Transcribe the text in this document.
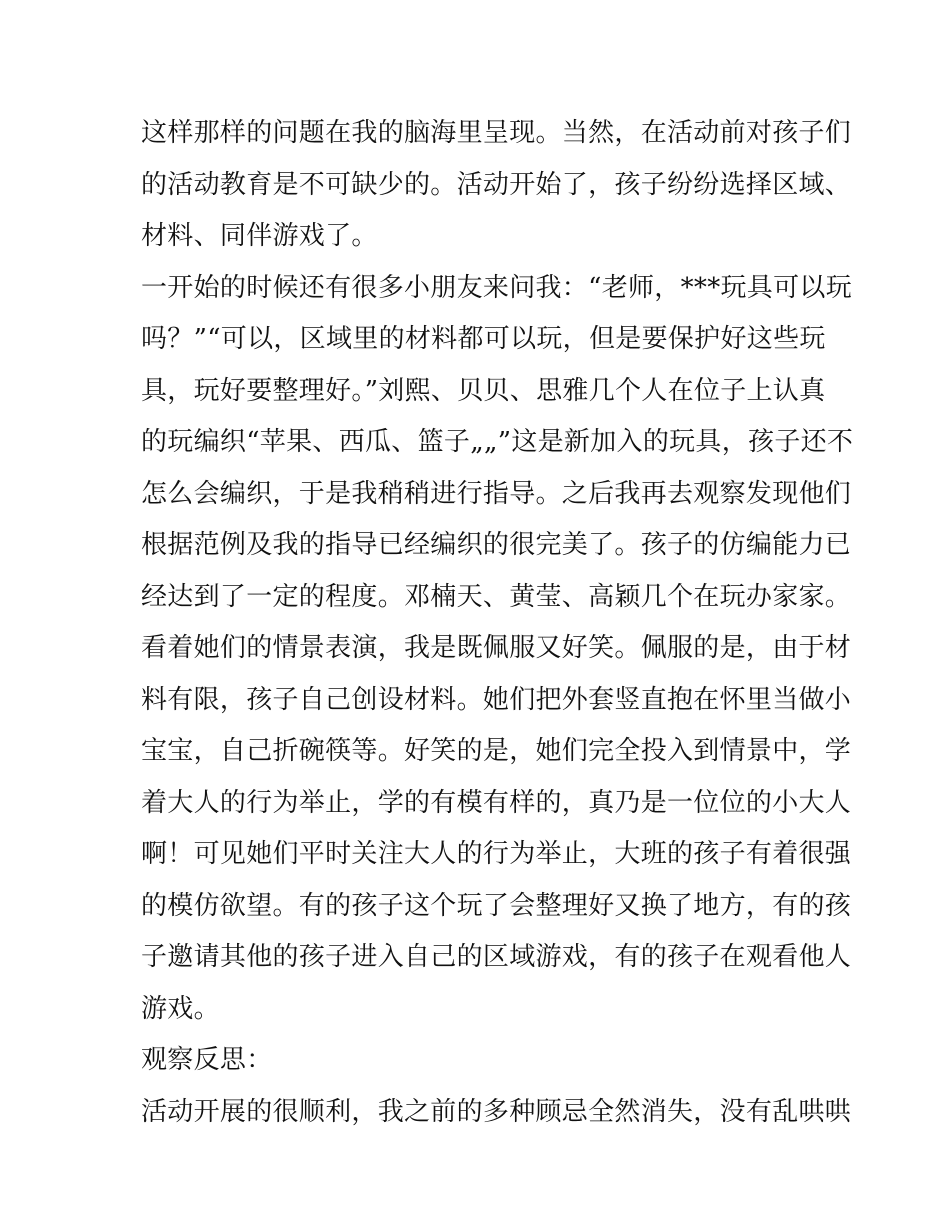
这样那样的问题在我的脑海里呈现。当然，在活动前对孩子们
的活动教育是不可缺少的。活动开始了，孩子纷纷选择区域、
材料、同伴游戏了。
一开始的时候还有很多小朋友来问我：“老师，***玩具可以玩
吗？”“可以，区域里的材料都可以玩，但是要保护好这些玩
具，玩好要整理好。”刘熙、贝贝、思雅几个人在位子上认真
的玩编织“苹果、西瓜、篮子„„”这是新加入的玩具，孩子还不
怎么会编织，于是我稍稍进行指导。之后我再去观察发现他们
根据范例及我的指导已经编织的很完美了。孩子的仿编能力已
经达到了一定的程度。邓楠天、黄莹、高颖几个在玩办家家。
看着她们的情景表演，我是既佩服又好笑。佩服的是，由于材
料有限，孩子自己创设材料。她们把外套竖直抱在怀里当做小
宝宝，自己折碗筷等。好笑的是，她们完全投入到情景中，学
着大人的行为举止，学的有模有样的，真乃是一位位的小大人
啊！可见她们平时关注大人的行为举止，大班的孩子有着很强
的模仿欲望。有的孩子这个玩了会整理好又换了地方，有的孩
子邀请其他的孩子进入自己的区域游戏，有的孩子在观看他人
游戏。
观察反思：
活动开展的很顺利，我之前的多种顾忌全然消失，没有乱哄哄
